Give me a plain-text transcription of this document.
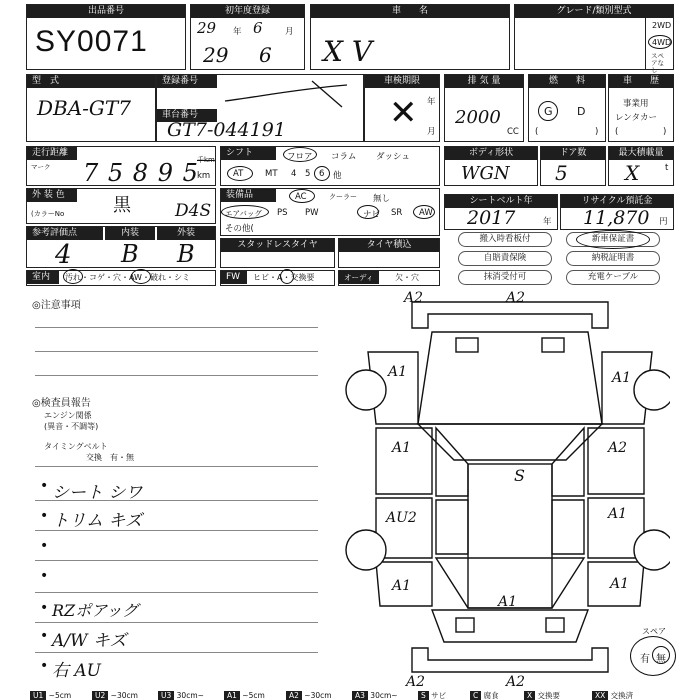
出品番号
SY0071
初年度登録
29 年 6	月
29 6
車　　名
X V
グレード/類別型式
2WD
4WD
スペアなし
型　式
DBA-GT7
登録番号
車台番号
GT7-044191
車検期限
年
月
✕
排 気 量
2000
CC
燃　　料
G D
(	)
車　　歴
事業用
レンタカー
(	)
走行距離
マーク 7 5 8 9 5
千km
km
シフト	フロア コラム ダッシュ
AT	MT 4 5 6 他
ボディ形状
WGN
ドア数
5
最大積載量
X	t
外 装 色
(カラーNo	黒	D4S
装備品	AC	クーラー 無し
エアバッグ PS PW	ナビ SR AW
その他(
シートベルト年
2017	年
リサイクル預託金
11,870 円
参考評価点	内装	外装
4 B B	スタッドレスタイヤ	タイヤ積込
搬入時看板付	新車保証書
自賠責保険	納税証明書
抹消受付可	充電ケーブル
室内	汚れ・コゲ・穴・AW・破れ・シミ	FW	ヒビ・A・交換要	オーディオ
欠・穴
◎注意事項
◎検査員報告
エンジン関係
(異音・不調等)
タイミングベルト
交換　有・無
• シート シワ
• トリム キズ
•
•
• RZポアッグ
• A/W キズ
• 右 AU
A2	A2
A1	A1
A1	A2
AU2	A1
A1	A1
S
A1
A2	A2
スペア
有 無
U1 ~5cm	U2 ~30cm	U3 30cm~	A1 ~5cm	A2 ~30cm	A3 30cm~	S サビ	C 腐食	X 交換要	XX 交換済
